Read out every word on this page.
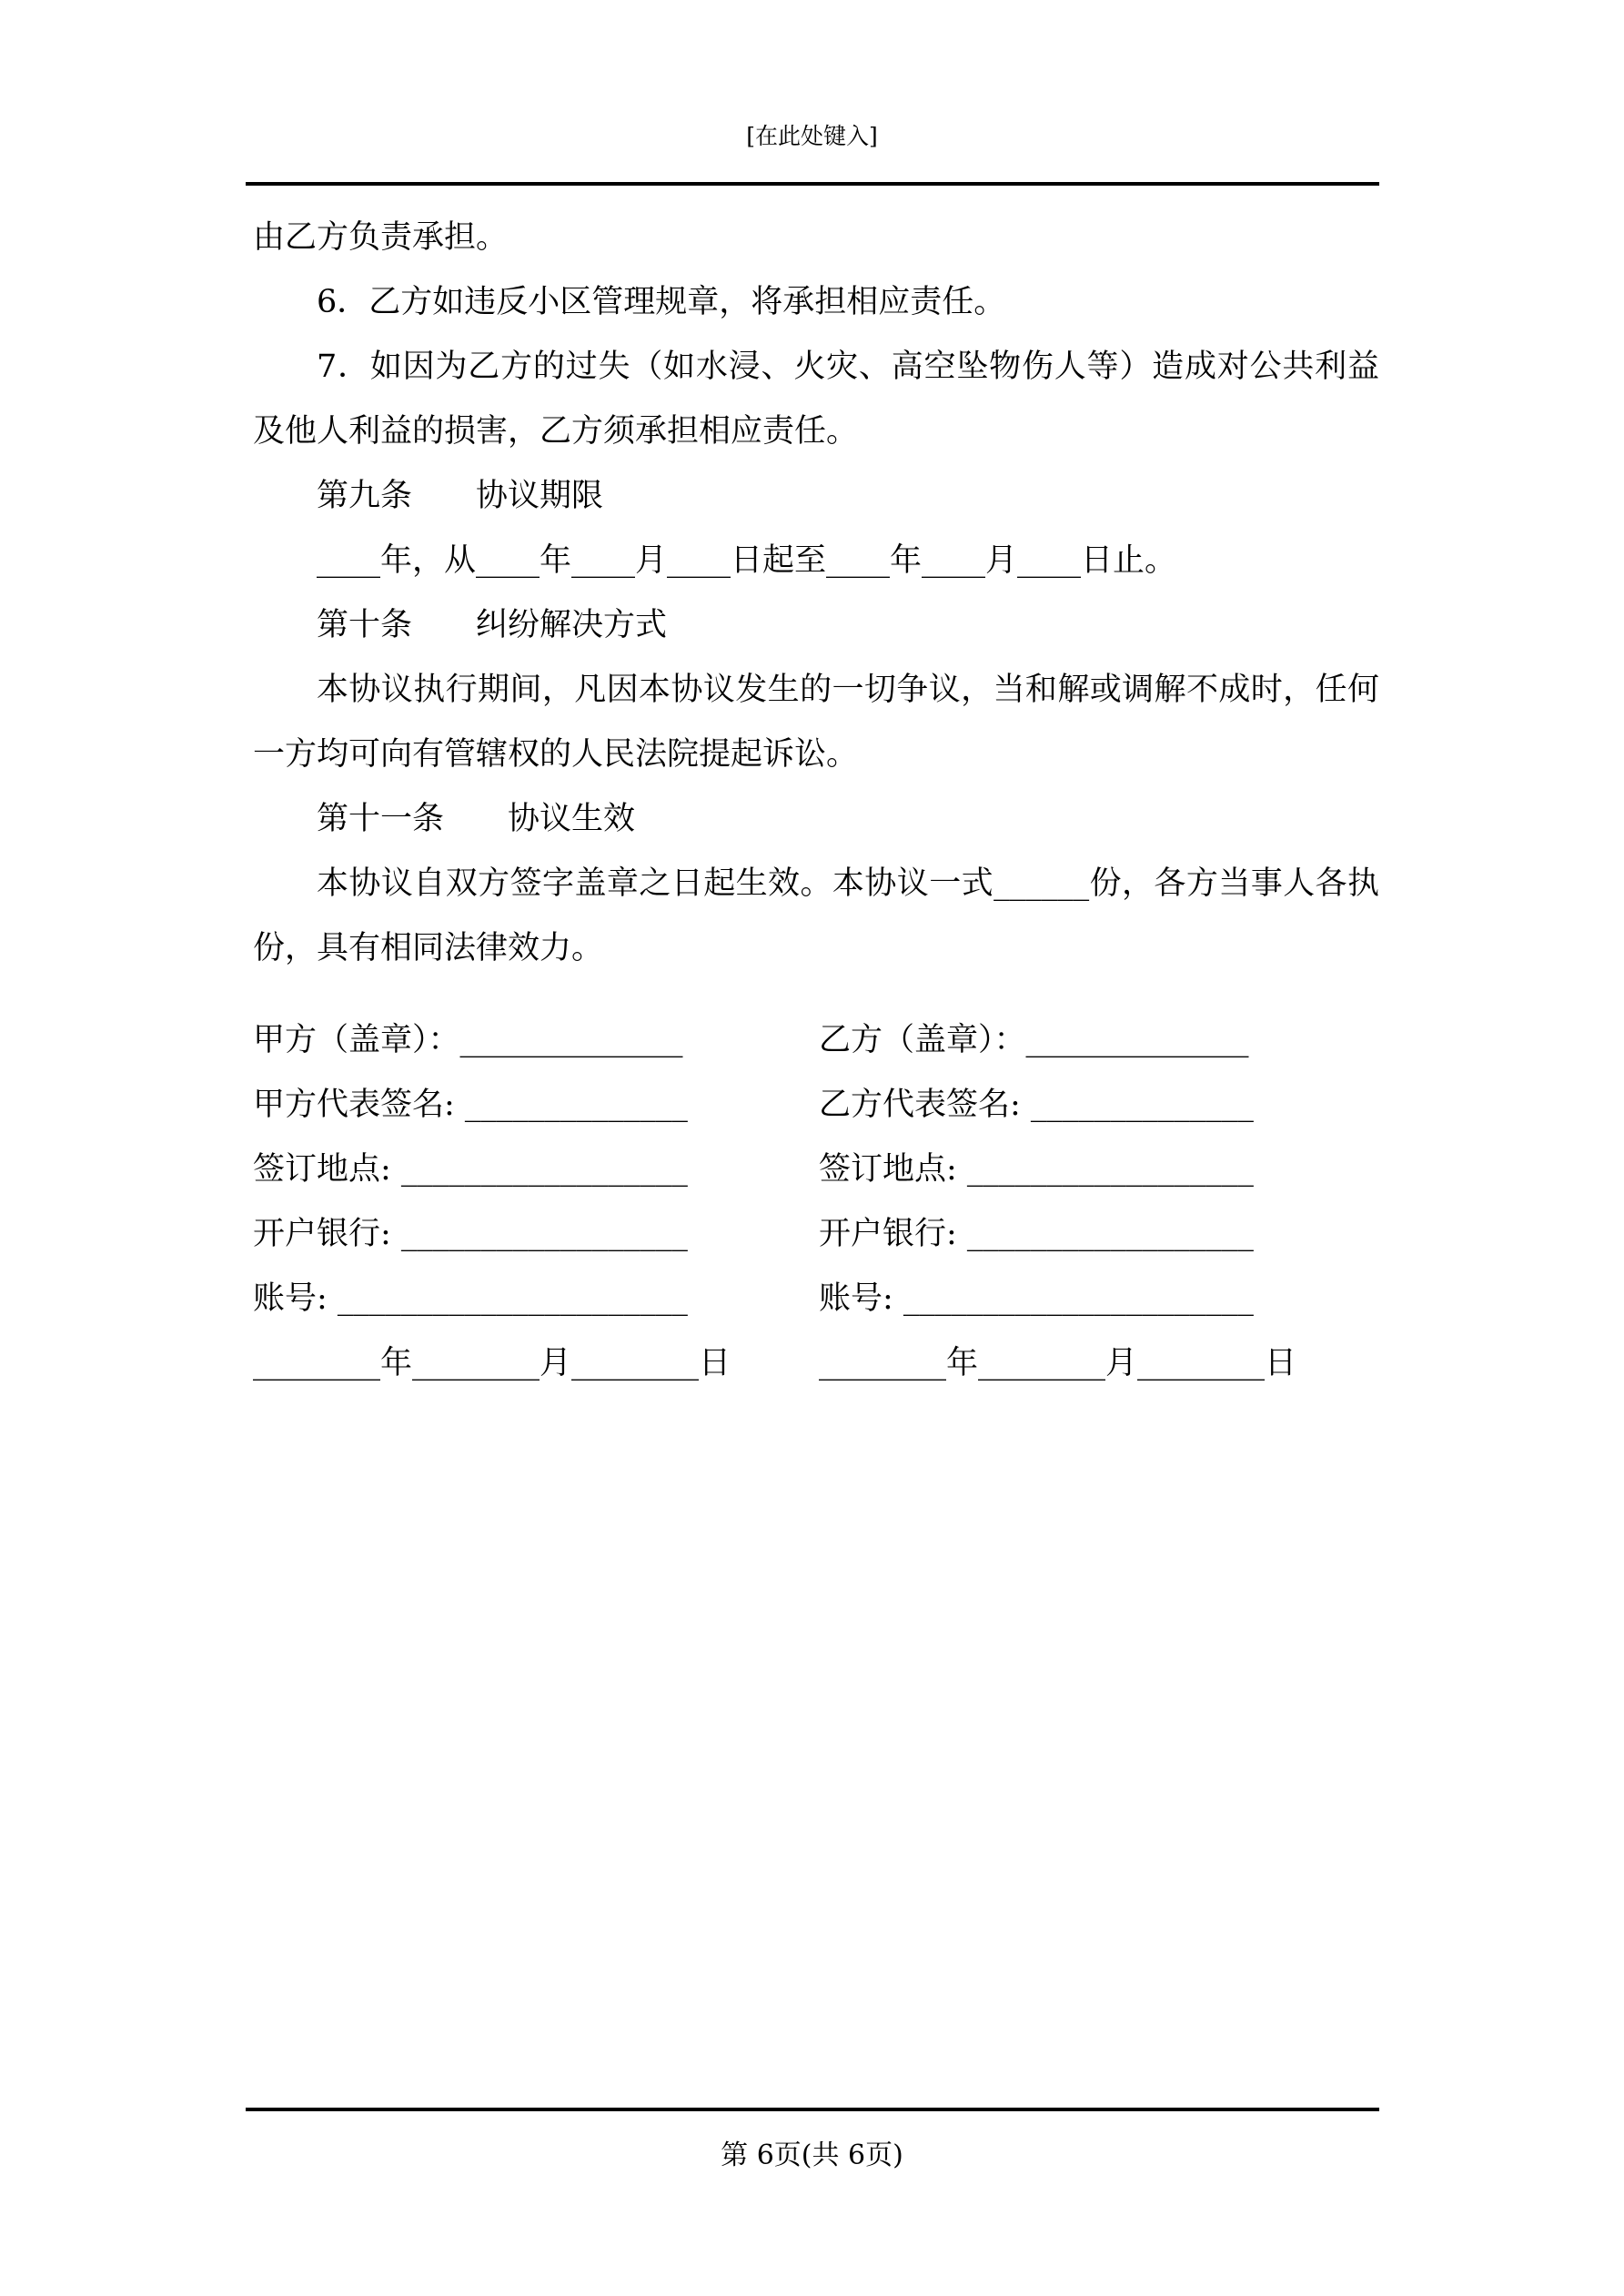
[在此处键入]
由乙方负责承担。
6．乙方如违反小区管理规章，将承担相应责任。
7．如因为乙方的过失（如水浸、火灾、高空坠物伤人等）造成对公共利益
及他人利益的损害，乙方须承担相应责任。
第九条　　协议期限
____年，从____年____月____日起至____年____月____日止。
第十条　　纠纷解决方式
本协议执行期间，凡因本协议发生的一切争议，当和解或调解不成时，任何
一方均可向有管辖权的人民法院提起诉讼。
第十一条　　协议生效
本协议自双方签字盖章之日起生效。本协议一式______份，各方当事人各执
份，具有相同法律效力。
甲方（盖章）：______________	乙方（盖章）：______________
甲方代表签名: ______________	乙方代表签名: ______________
签订地点: __________________	签订地点: __________________
开户银行: __________________	开户银行: __________________
账号: ______________________	账号: ______________________
________年________月________日	________年________月________日
第 6页(共 6页)
